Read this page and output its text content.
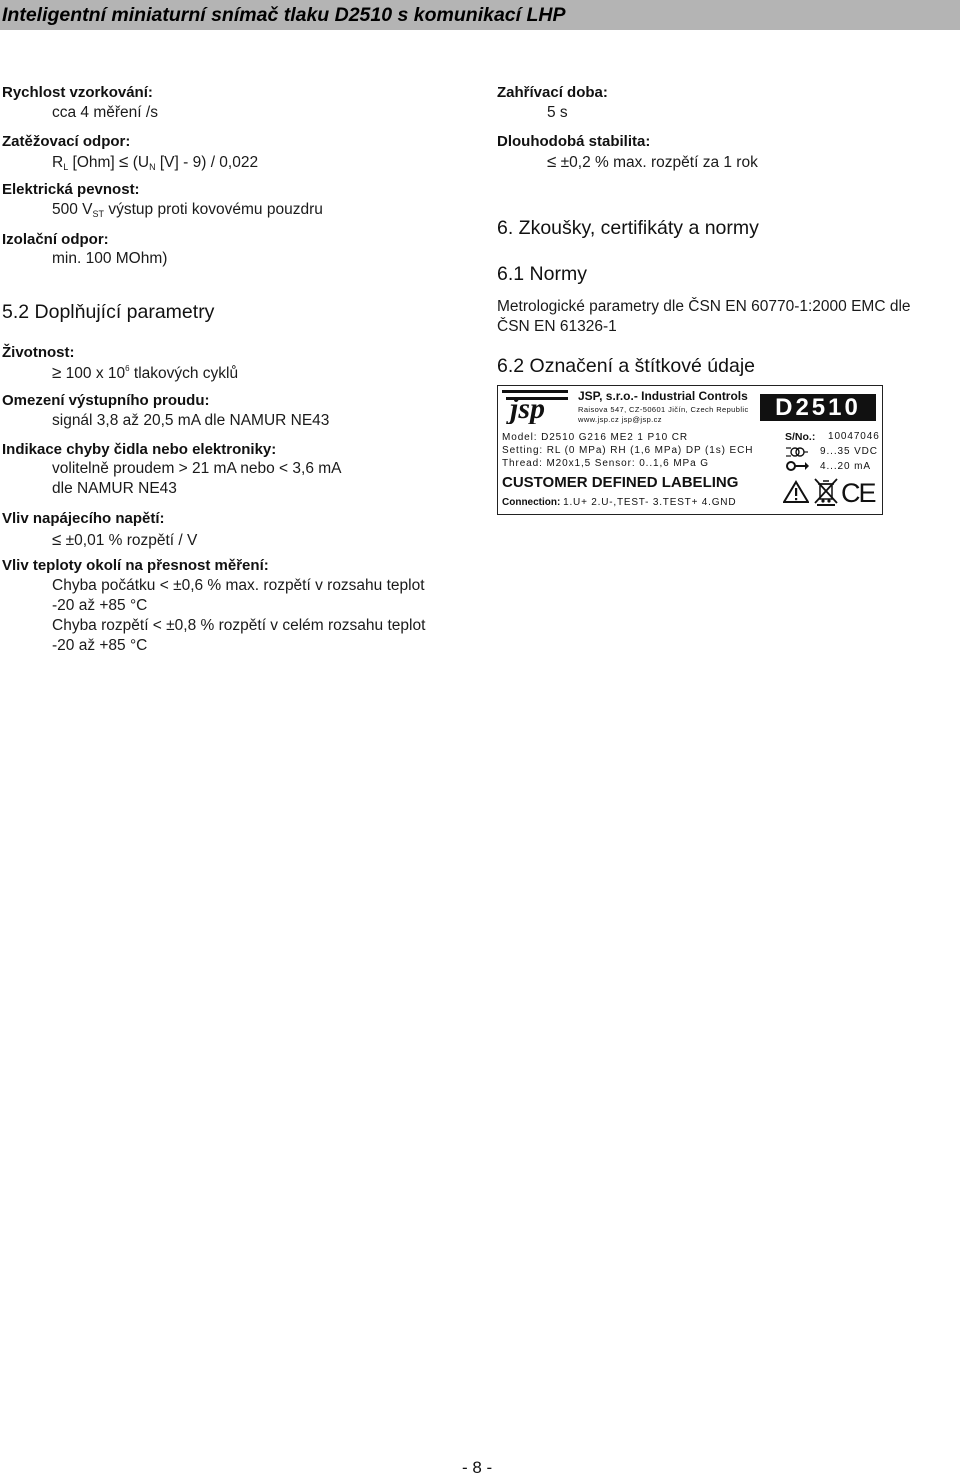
Inteligentní miniaturní snímač tlaku D2510 s komunikací LHP
Rychlost vzorkování:
cca 4 měření /s
Zatěžovací odpor:
$R_L$ $[Ohm] \le (U_N$ [V] - 9) / 0,022
Elektrická pevnost:
500 $V_{ST}$ výstup proti kovovému pouzdru
Izolační odpor:
min. 100 MOhm)
5.2 Doplňující parametry
Životnost:
≥ 100 x $10^6$ tlakových cyklů
Omezení výstupního proudu:
signál 3,8 až 20,5 mA dle NAMUR NE43
Indikace chyby čidla nebo elektroniky:
volitelně proudem > 21 mA nebo < 3,6 mA
dle NAMUR NE43
Vliv napájecího napětí:
≤ ±0,01 % rozpětí / V
Vliv teploty okolí na přesnost měření:
Chyba počátku < ±0,6 % max. rozpětí v rozsahu teplot
-20 až +85 °C
Chyba rozpětí < ±0,8 % rozpětí v celém rozsahu teplot
-20 až +85 °C
Zahřívací doba:
5 s
Dlouhodobá stabilita:
≤ ±0,2 % max. rozpětí za 1 rok
6. Zkoušky, certifikáty a normy
6.1 Normy
Metrologické parametry dle ČSN EN 60770-1:2000 EMC dle
ČSN EN 61326-1
6.2 Označení a štítkové údaje
jsp	JSP, s.r.o.- Industrial Controls
Raisova 547, CZ-50601 Jičín, Czech Republic
www.jsp.cz jsp@jsp.cz	D2510
Model: D2510 G216 ME2 1 P10 CR
Setting: RL (0 MPa) RH (1,6 MPa) DP (1s) ECH
Thread: M20x1,5 Sensor: 0..1,6 MPa G
CUSTOMER DEFINED LABELING
Connection: 1.U+ 2.U-,TEST- 3.TEST+ 4.GND
S/No.: 10047046
9...35 VDC
4...20 mA
CE
- 8 -
